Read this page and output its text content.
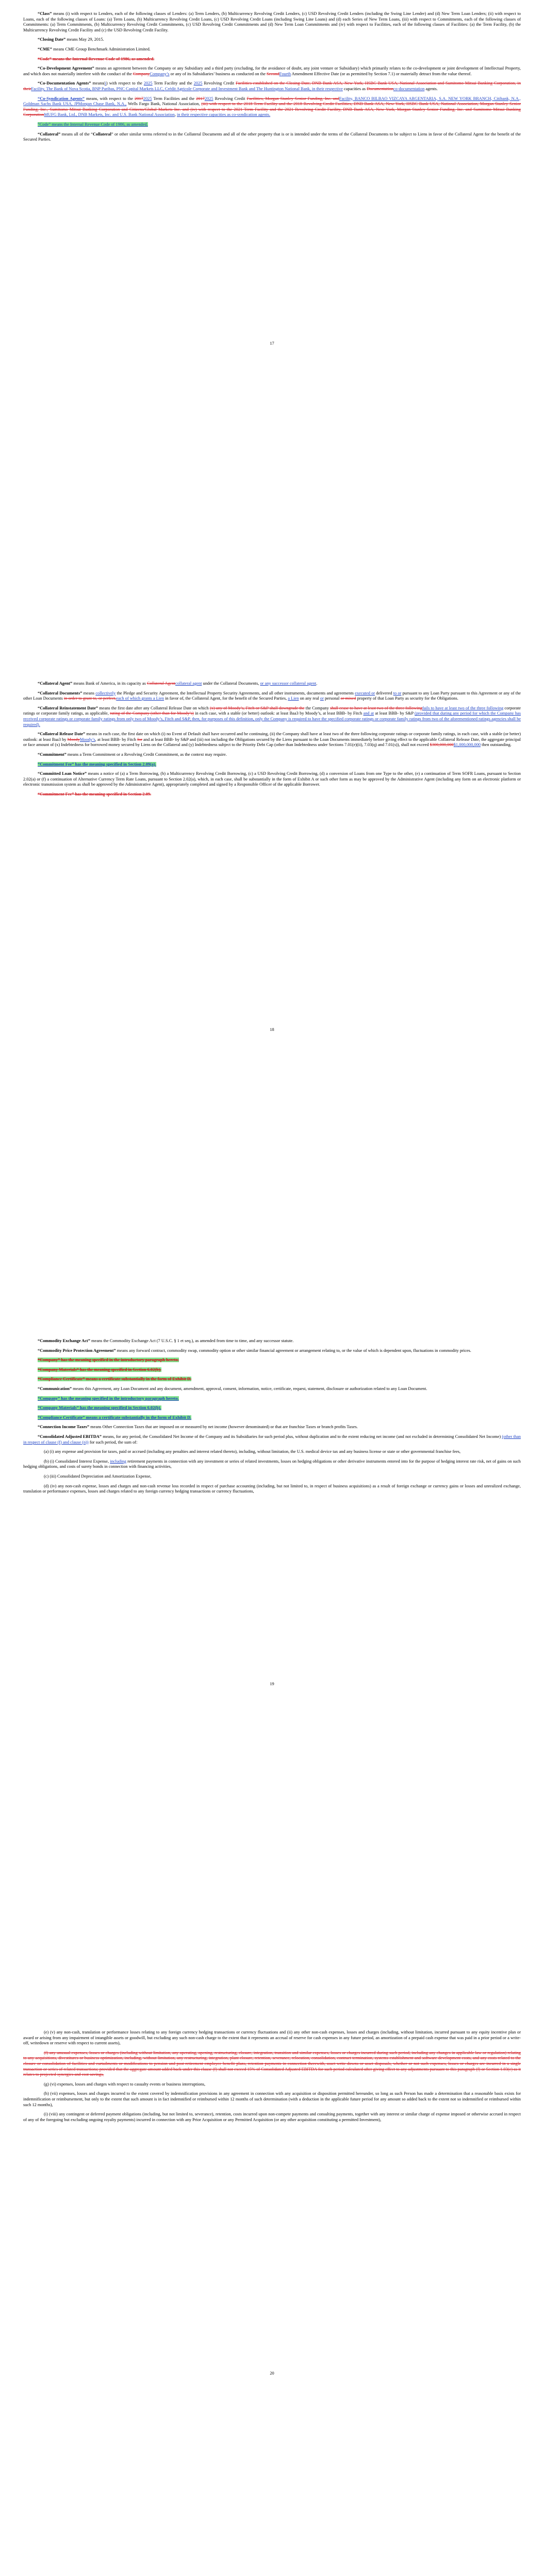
“Class” means (i) with respect to Lenders, each of the following classes of Lenders: (a) Term Lenders, (b) Multicurrency Revolving Credit Lenders, (c) USD Revolving Credit Lenders (including the Swing Line Lender) and (d) New Term Loan Lenders; (ii) with respect to Loans, each of the following classes of Loans: (a) Term Loans, (b) Multicurrency Revolving Credit Loans, (c) USD Revolving Credit Loans (including Swing Line Loans) and (d) each Series of New Term Loans, (iii) with respect to Commitments, each of the following classes of Commitments: (a) Term Commitments, (b) Multicurrency Revolving Credit Commitments, (c) USD Revolving Credit Commitments and (d) New Term Loan Commitments and (iv) with respect to Facilities, each of the following classes of Facilities: (a) the Term Facility, (b) the Multicurrency Revolving Credit Facility and (c) the USD Revolving Credit Facility.

“Closing Date” means May 29, 2015.

“CME” means CME Group Benchmark Administration Limited.

“Code” means the Internal Revenue Code of 1986, as amended.

“Co-Development Agreement” means an agreement between the Company or any Subsidiary and a third party (excluding, for the avoidance of doubt, any joint venture or Subsidiary) which primarily relates to the co-development or joint development of Intellectual Property, and which does not materially interfere with the conduct of the CompanyCompany’s or any of its Subsidiaries’ business as conducted on the SecondFourth Amendment Effective Date (or as permitted by Section 7.1) or materially detract from the value thereof.

“Co-Documentation Agents” means(i) with respect to the 2025 Term Facility and the 2025 Revolving Credit Facilities established on the Closing Date, DNB Bank ASA, New York, HSBC Bank USA, National Association and Sumitomo Mitsui Banking Corporation, in theirFacility, The Bank of Nova Scotia, BNP Paribas, PNC Capital Markets LLC, Crédit Agricole Corporate and Investment Bank and The Huntington National Bank, in their respective capacities as Documentationco-documentation agents.

“Co-Syndication Agents” means, with respect to the 20172025 Term Facilities and the 20172025 Revolving Credit Facilities, Morgan Stanley Senior Funding, Inc. andFacility, BANCO BILBAO VIZCAYA ARGENTARIA, S.A. NEW YORK BRANCH, Citibank, N.A., Goldman Sachs Bank USA, JPMorgan Chase Bank, N.A., Wells Fargo Bank, National Association, (iii) with respect to the 2018 Term Facility and the 2018 Revolving Credit Facilities, DNB Bank ASA, New York, HSBC Bank USA, National Association, Morgan Stanley Senior Funding, Inc., Sumitomo Mitsui Banking Corporation and Citizens/Global Markets Inc. and (iv) with respect to the 2021 Term Facility and the 2021 Revolving Credit Facility, DNB Bank ASA, New York, Morgan Stanley Senior Funding, Inc. and Sumitomo Mitsui Banking CorporationMUFG Bank, Ltd., DNB Markets, Inc. and U.S. Bank National Association, in their respective capacities as co-syndication agents.

“Code” means the Internal Revenue Code of 1986, as amended.

“Collateral” means all of the “Collateral” or other similar terms referred to in the Collateral Documents and all of the other property that is or is intended under the terms of the Collateral Documents to be subject to Liens in favor of the Collateral Agent for the benefit of the Secured Parties.

17

“Collateral Agent” means Bank of America, in its capacity as Collateral Agentcollateral agent under the Collateral Documents, or any successor collateral agent.

“Collateral Documents” means collectively the Pledge and Security Agreement, the Intellectual Property Security Agreements, and all other instruments, documents and agreements executed or delivered to or pursuant to any Loan Party pursuant to this Agreement or any of the other Loan Documents in order to grant to, or perfect,each of which grants a Lien in favor of, the Collateral Agent, for the benefit of the Secured Parties, a Lien on any real or personal or mixed property of that Loan Party as security for the Obligations.

“Collateral Reinstatement Date” means the first date after any Collateral Release Date on which (x) any of Moody’s, Fitch or S&P shall downgrade the the Company shall cease to have at least two of the three followingfails to have at least two of the three following corporate ratings or corporate family ratings, as applicable, rating of the Company (other than for Moody’s) in each case, with a stable (or better) outlook: at least Baa3 by Moody’s, at least BBB- by Fitch and at at least BBB- by S&P (provided that during any period for which the Company has received corporate ratings or corporate family ratings from only two of Moody’s, Fitch and S&P, then, for purposes of this definition, only the Company is required to have the specified corporate ratings or corporate family ratings from two of the aforementioned ratings agencies shall be required).

“Collateral Release Date” means in each case, the first date on which (i) no Event of Default shall have occurred and be continuing, (ii) the Company shall have at least two of the three following corporate ratings or corporate family ratings, in each case, with a stable (or better) outlook: at least Baa3 by MoodyMoody’s, at least BBB- by Fitch for and at least BBB- by S&P and (iii) not including the Obligations secured by the Liens pursuant to the Loan Documents immediately before giving effect to the applicable Collateral Release Date, the aggregate principal or face amount of (x) Indebtedness for borrowed money secured by Liens on the Collateral and (y) Indebtedness subject to the Priority Debt Cap (other than Indebtedness under Sections 7.01(e)(ii), 7.03(q) and 7.01(s)), shall not exceed $300,000,000$1,000,000,000 then outstanding.

“Commitment” means a Term Commitment or a Revolving Credit Commitment, as the context may require.

“Commitment Fee” has the meaning specified in Section 2.09(a).

“Committed Loan Notice” means a notice of (a) a Term Borrowing, (b) a Multicurrency Revolving Credit Borrowing, (c) a USD Revolving Credit Borrowing, (d) a conversion of Loans from one Type to the other, (e) a continuation of Term SOFR Loans, pursuant to Section 2.02(a) or (f) a continuation of Alternative Currency Term Rate Loans, pursuant to Section 2.02(a), which, in each case, shall be substantially in the form of Exhibit A or such other form as may be approved by the Administrative Agent (including any form on an electronic platform or electronic transmission system as shall be approved by the Administrative Agent), appropriately completed and signed by a Responsible Officer of the applicable Borrower.

“Commitment Fee” has the meaning specified in Section 2.09.

18

“Commodity Exchange Act” means the Commodity Exchange Act (7 U.S.C. § 1 et seq.), as amended from time to time, and any successor statute.

“Commodity Price Protection Agreement” means any forward contract, commodity swap, commodity option or other similar financial agreement or arrangement relating to, or the value of which is dependent upon, fluctuations in commodity prices.

“Company” has the meaning specified in the introductory paragraph hereto.

“Company Materials” has the meaning specified in Section 6.02(b).

“Compliance Certificate” means a certificate substantially in the form of Exhibit D.

“Communication” means this Agreement, any Loan Document and any document, amendment, approval, consent, information, notice, certificate, request, statement, disclosure or authorization related to any Loan Document.

“Company” has the meaning specified in the introductory paragraph hereto.

“Company Materials” has the meaning specified in Section 6.02(b).

“Compliance Certificate” means a certificate substantially in the form of Exhibit D.

“Connection Income Taxes” means Other Connection Taxes that are imposed on or measured by net income (however denominated) or that are franchise Taxes or branch profits Taxes.

“Consolidated Adjusted EBITDA” means, for any period, the Consolidated Net Income of the Company and its Subsidiaries for such period plus, without duplication and to the extent reducing net income (and not excluded in determining Consolidated Net Income) (other than in respect of clause (f) and clause (n)) for such period, the sum of:

(a) (i) any expense and provision for taxes, paid or accrued (including any penalties and interest related thereto), including, without limitation, the U.S. medical device tax and any business license or state or other governmental franchise fees,

(b) (i) Consolidated Interest Expense, including retirement payments in connection with any investment or series of related investments, losses on hedging obligations or other derivative instruments entered into for the purpose of hedging interest rate risk, net of gains on such hedging obligations, and costs of surety bonds in connection with financing activities,

(c) (iii) Consolidated Depreciation and Amortization Expense,

(d) (iv) any non-cash expense, losses and charges and non-cash revenue loss recorded in respect of purchase accounting (including, but not limited to, in respect of business acquisitions) as a result of foreign exchange or currency gains or losses and unrealized exchange, translation or performance expenses, losses and charges related to any foreign currency hedging transactions or currency fluctuations,

19

(e) (v) any non-cash, translation or performance losses relating to any foreign currency hedging transactions or currency fluctuations and (ii) any other non-cash expenses, losses and charges (including, without limitation, incurred pursuant to any equity incentive plan or award or arising from any impairment of intangible assets or goodwill, but excluding any such non-cash charge to the extent that it represents an accrual of reserve for cash expenses in any future period, an amortization of a prepaid cash expense that was paid in a prior period or a write-off, writedown or reserve with respect to current assets),

(f) any unusual expenses, losses or charges (including without limitation, any operating, opening, restructuring, closure, integration, transition and similar expenses, losses or charges incurred during such period, including any changes in applicable law or regulation) relating to any acquisitions, divestitures or business optimization, including, without limitation, any restructuring, integration, plant closure, retention, severance, relocation, consolidation, contract termination, systems establishment and software development costs, and any costs related to the closure or consolidation of facilities and curtailments or modifications to pension and post-retirement employee benefit plans, retention payments in connection therewith, asset write-downs or asset disposals, whether or not such expenses, losses or charges are incurred in a single transaction or series of related transactions; provided that the aggregate amount added back under this clause (f) shall not exceed 15% of Consolidated Adjusted EBITDA for such period calculated after giving effect to any adjustments pursuant to this paragraph (f) or Section 1.03(c) as it relates to projected synergies and cost savings,

(g) (vi) expenses, losses and charges with respect to casualty events or business interruptions,

(h) (vii) expenses, losses and charges incurred to the extent covered by indemnification provisions in any agreement in connection with any acquisition or disposition permitted hereunder, so long as such Person has made a determination that a reasonable basis exists for indemnification or reimbursement, but only to the extent that such amount is in fact indemnified or reimbursed within 12 months of such determination (with a deduction in the applicable future period for any amount so added back to the extent not so indemnified or reimbursed within such 12 months),

(i) (viii) any contingent or deferred payment obligations (including, but not limited to, severance), retention, costs incurred upon non-compete payments and consulting payments, together with any interest or similar charge of expense imposed or otherwise accrued in respect of any of the foregoing but excluding ongoing royalty payments) incurred in connection with any Prior Acquisition or any Permitted Acquisition (or any other acquisition constituting a permitted Investment),

20
